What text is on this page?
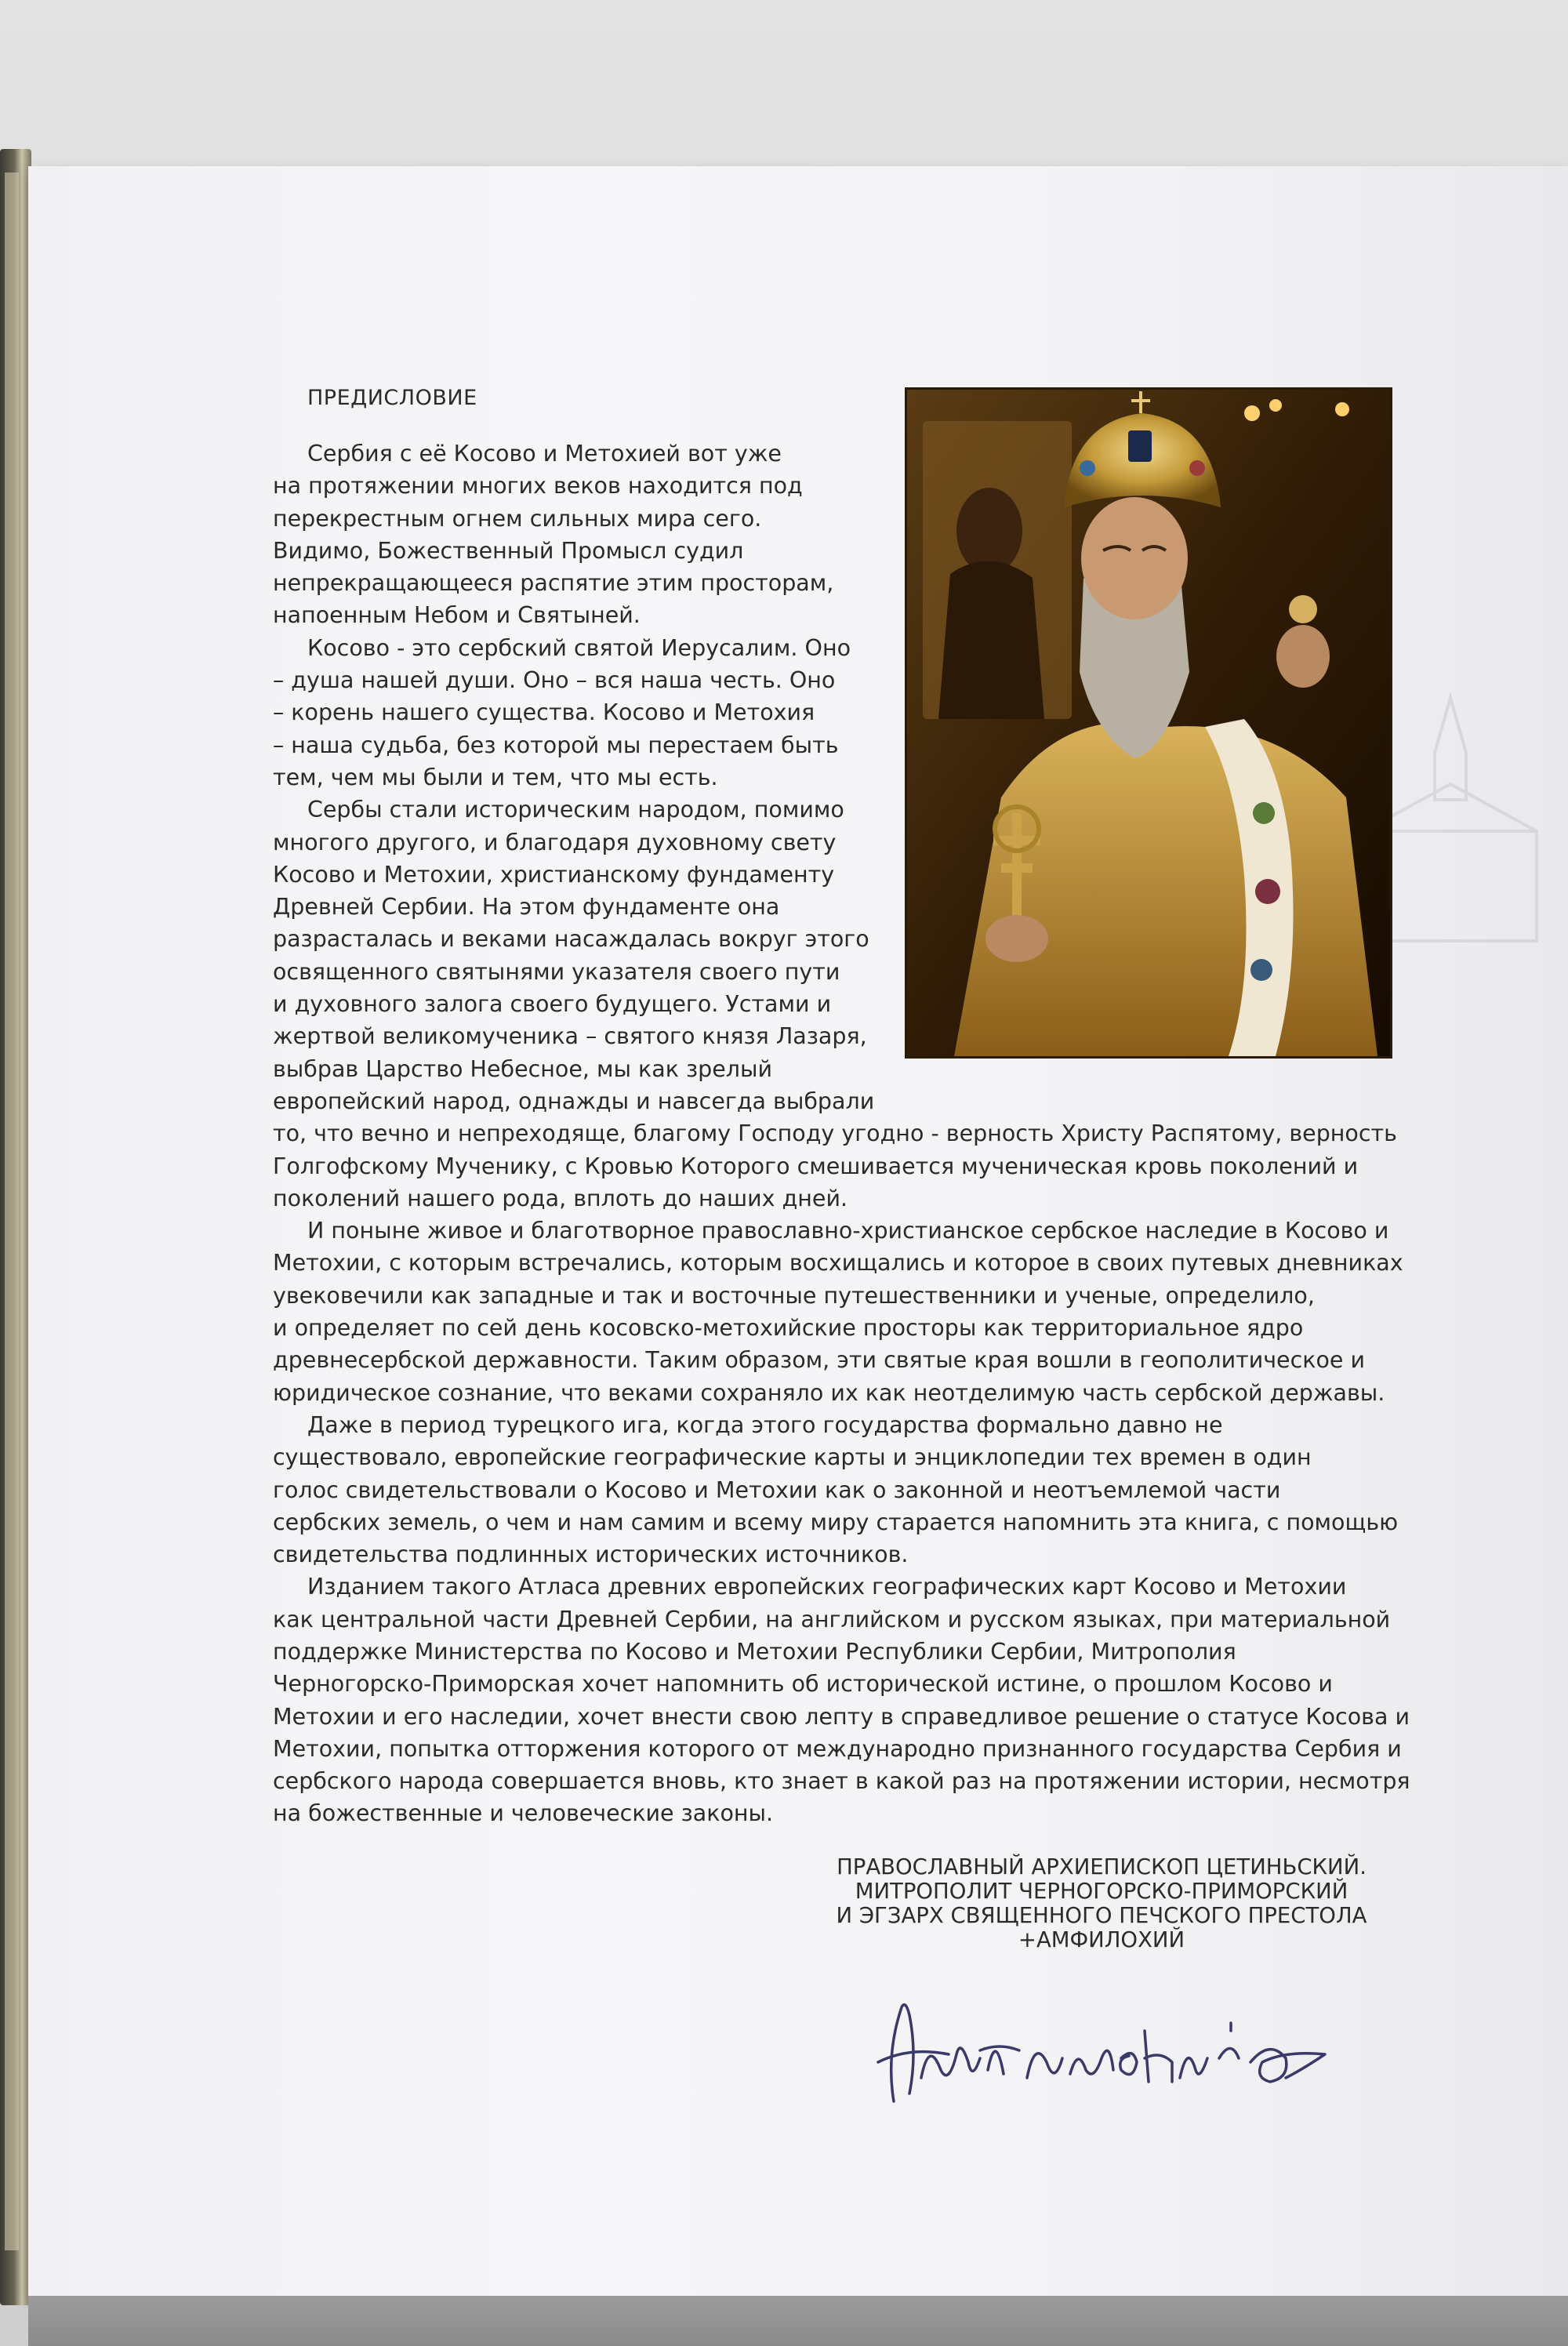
ПРЕДИСЛОВИЕ
Сербия с её Косово и Метохией вот уже
на протяжении многих веков находится под
перекрестным огнем сильных мира сего.
Видимо, Божественный Промысл судил
непрекращающееся распятие этим просторам,
напоенным Небом и Святыней.
Косово - это сербский святой Иерусалим. Оно
– душа нашей души. Оно – вся наша честь. Оно
– корень нашего существа. Косово и Метохия
– наша судьба, без которой мы перестаем быть
тем, чем мы были и тем, что мы есть.
Сербы стали историческим народом, помимо
многого другого, и благодаря духовному свету
Косово и Метохии, христианскому фундаменту
Древней Сербии. На этом фундаменте она
разрасталась и веками насаждалась вокруг этого
освященного святынями указателя своего пути
и духовного залога своего будущего. Устами и
жертвой великомученика – святого князя Лазаря,
выбрав Царство Небесное, мы как зрелый
европейский народ, однажды и навсегда выбрали
то, что вечно и непреходяще, благому Господу угодно - верность Христу Распятому, верность
Голгофскому Мученику, с Кровью Которого смешивается мученическая кровь поколений и
поколений нашего рода, вплоть до наших дней.
И поныне живое и благотворное православно-христианское сербское наследие в Косово и
Метохии, с которым встречались, которым восхищались и которое в своих путевых дневниках
увековечили как западные и так и восточные путешественники и ученые, определило,
и определяет по сей день косовско-метохийские просторы как территориальное ядро
древнесербской державности. Таким образом, эти святые края вошли в геополитическое и
юридическое сознание, что веками сохраняло их как неотделимую часть сербской державы.
Даже в период турецкого ига, когда этого государства формально давно не
существовало, европейские географические карты и энциклопедии тех времен в один
голос свидетельствовали о Косово и Метохии как о законной и неотъемлемой части
сербских земель, о чем и нам самим и всему миру старается напомнить эта книга, с помощью
свидетельства подлинных исторических источников.
Изданием такого Атласа древних европейских географических карт Косово и Метохии
как центральной части Древней Сербии, на английском и русском языках, при материальной
поддержке Министерства по Косово и Метохии Республики Сербии, Митрополия
Черногорско-Приморская хочет напомнить об исторической истине, о прошлом Косово и
Метохии и его наследии, хочет внести свою лепту в справедливое решение о статусе Косова и
Метохии, попытка отторжения которого от международно признанного государства Сербия и
сербского народа совершается вновь, кто знает в какой раз на протяжении истории, несмотря
на божественные и человеческие законы.
ПРАВОСЛАВНЫЙ АРХИЕПИСКОП ЦЕТИНЬСКИЙ.
МИТРОПОЛИТ ЧЕРНОГОРСКО-ПРИМОРСКИЙ
И ЭГЗАРХ СВЯЩЕННОГО ПЕЧСКОГО ПРЕСТОЛА
+АМФИЛОХИЙ
